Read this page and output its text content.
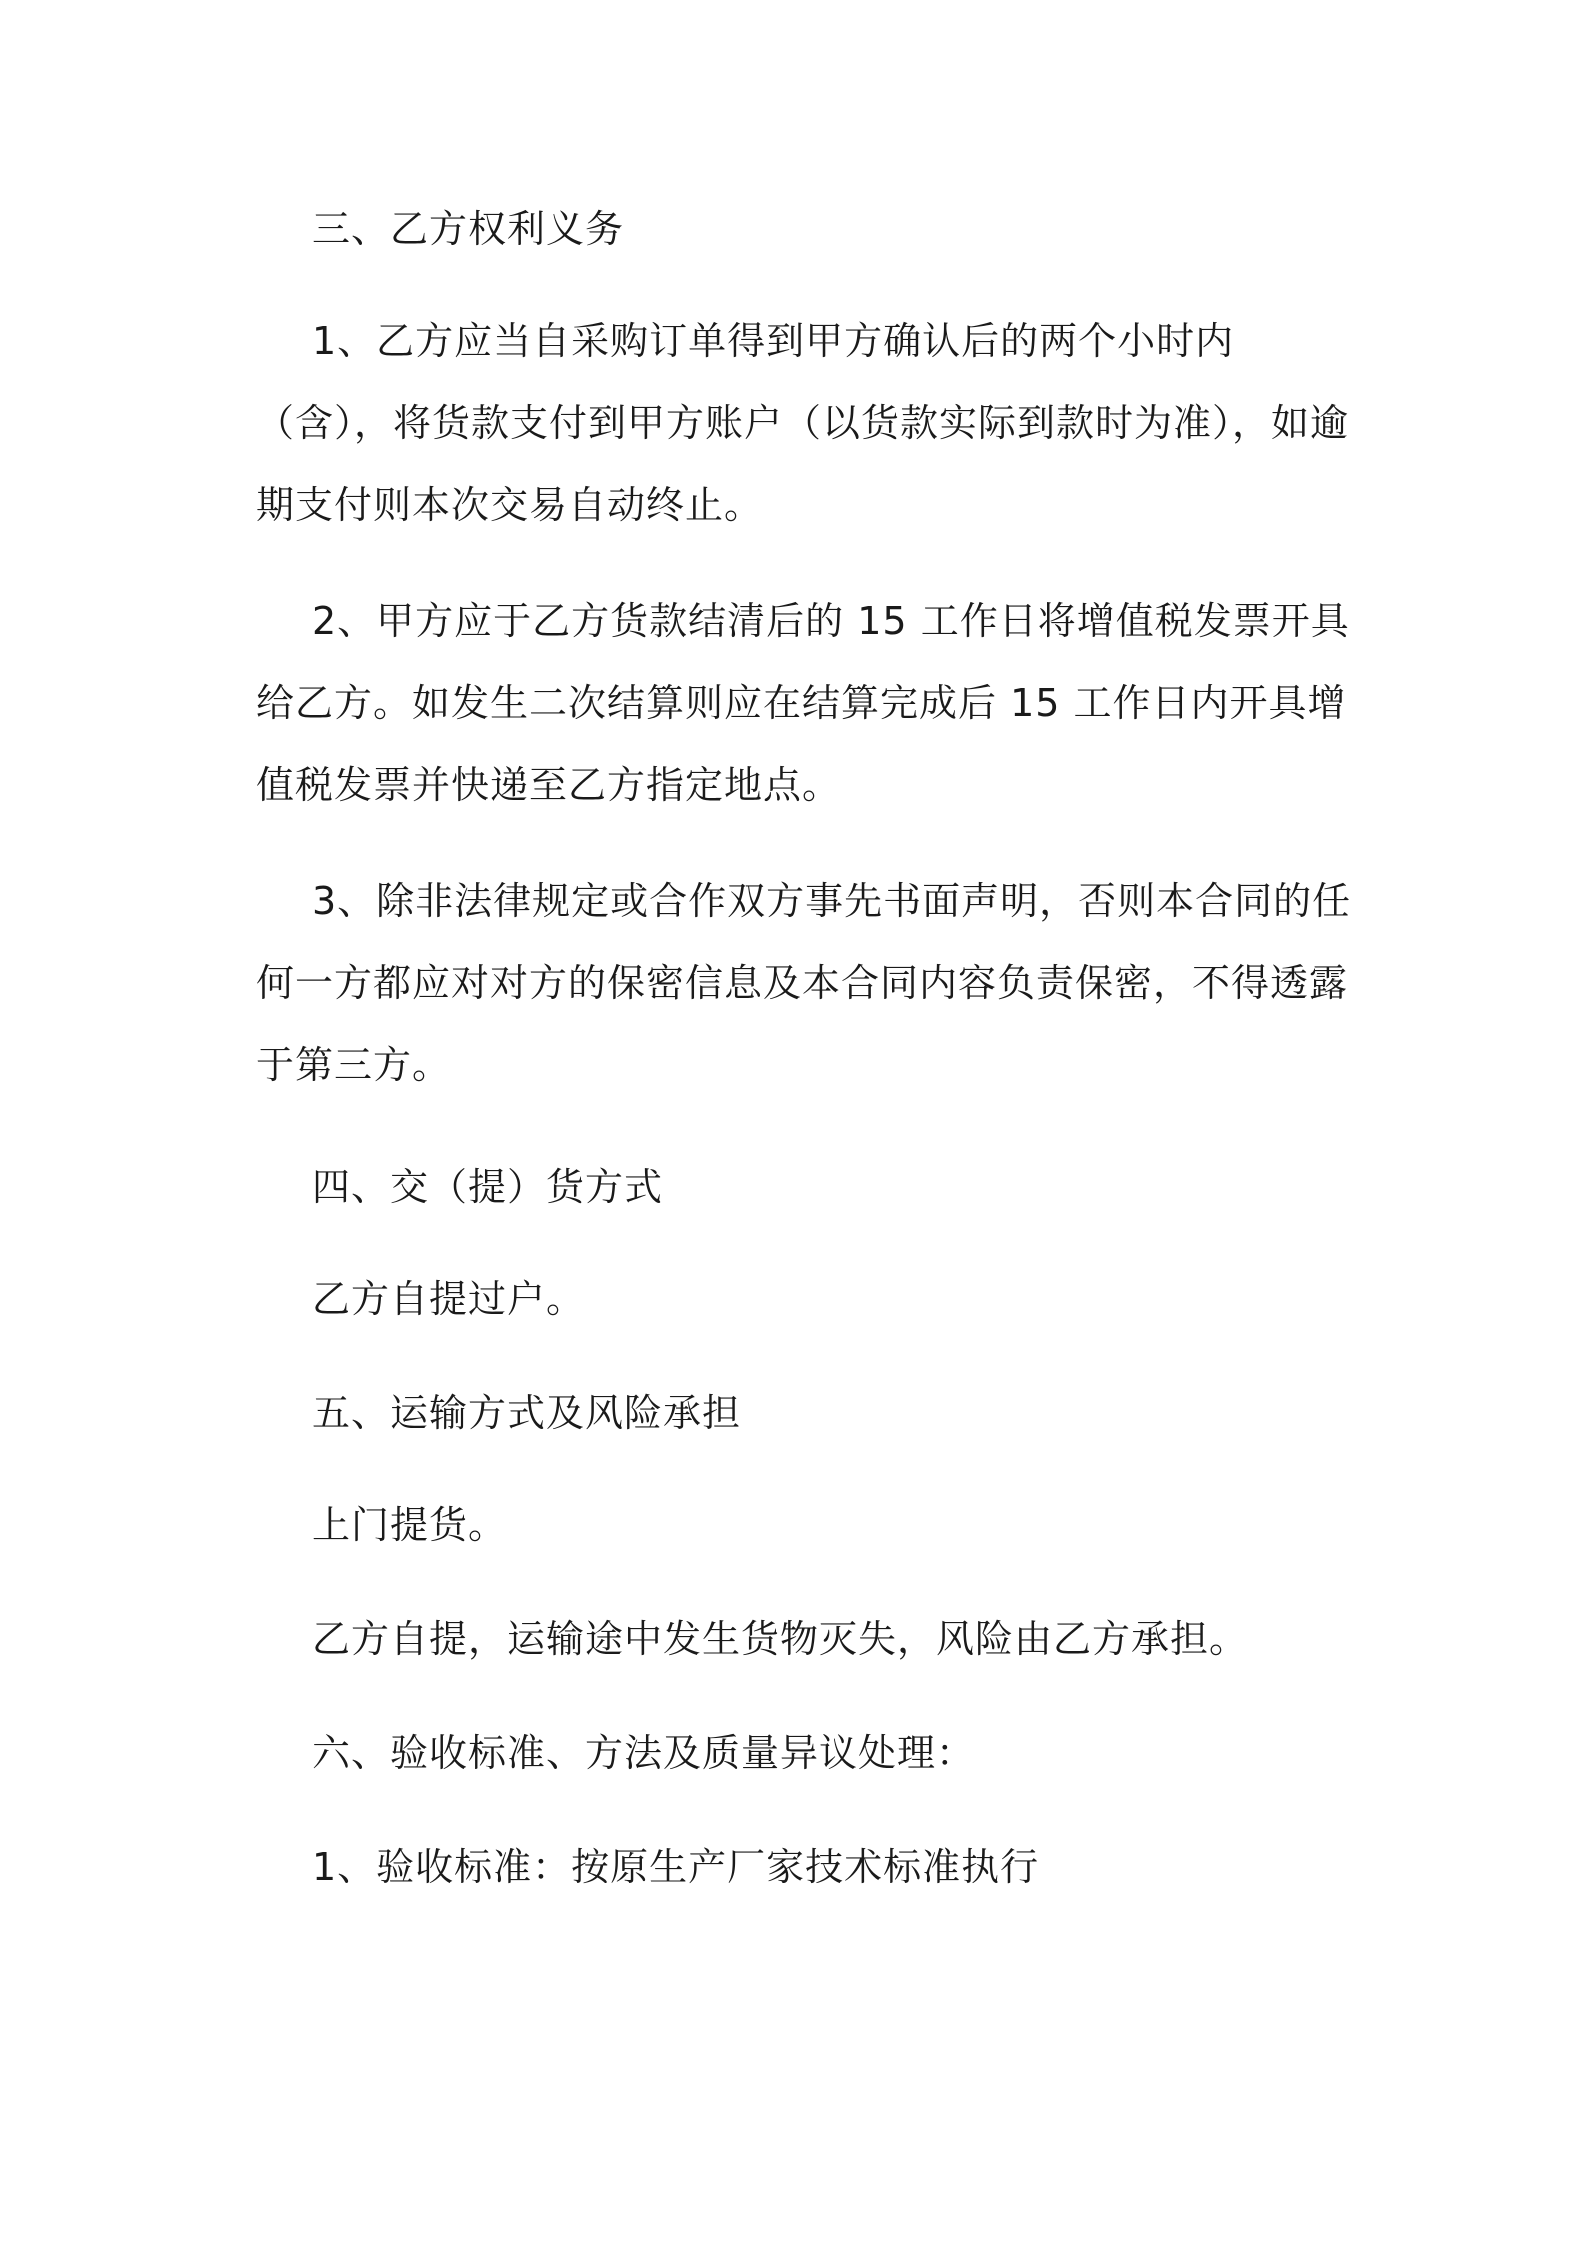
三、乙方权利义务

1、乙方应当自采购订单得到甲方确认后的两个小时内（含），将货款支付到甲方账户（以货款实际到款时为准），如逾期支付则本次交易自动终止。

2、甲方应于乙方货款结清后的 15 工作日将增值税发票开具给乙方。如发生二次结算则应在结算完成后 15 工作日内开具增值税发票并快递至乙方指定地点。

3、除非法律规定或合作双方事先书面声明，否则本合同的任何一方都应对对方的保密信息及本合同内容负责保密，不得透露于第三方。

四、交（提）货方式

乙方自提过户。

五、运输方式及风险承担

上门提货。

乙方自提，运输途中发生货物灭失，风险由乙方承担。

六、验收标准、方法及质量异议处理：

1、验收标准：按原生产厂家技术标准执行
